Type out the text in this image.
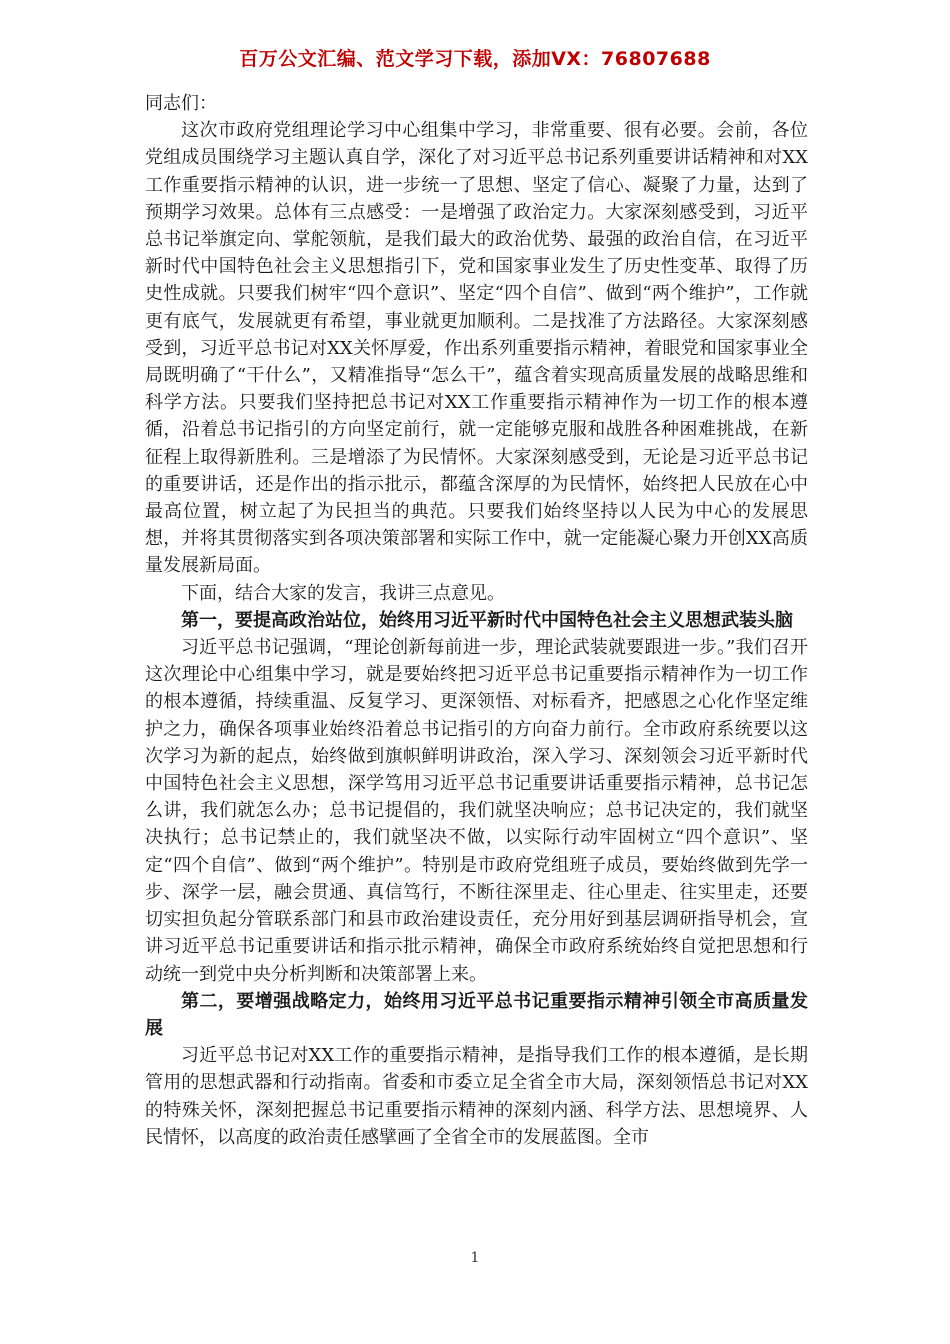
百万公文汇编、范文学习下载，添加VX：76807688

同志们：

这次市政府党组理论学习中心组集中学习，非常重要、很有必要。会前，各位党组成员围绕学习主题认真自学，深化了对习近平总书记系列重要讲话精神和对XX工作重要指示精神的认识，进一步统一了思想、坚定了信心、凝聚了力量，达到了预期学习效果。总体有三点感受：一是增强了政治定力。大家深刻感受到，习近平总书记举旗定向、掌舵领航，是我们最大的政治优势、最强的政治自信，在习近平新时代中国特色社会主义思想指引下，党和国家事业发生了历史性变革、取得了历史性成就。只要我们树牢“四个意识”、坚定“四个自信”、做到“两个维护”，工作就更有底气，发展就更有希望，事业就更加顺利。二是找准了方法路径。大家深刻感受到，习近平总书记对XX关怀厚爱，作出系列重要指示精神，着眼党和国家事业全局既明确了“干什么”，又精准指导“怎么干”，蕴含着实现高质量发展的战略思维和科学方法。只要我们坚持把总书记对XX工作重要指示精神作为一切工作的根本遵循，沿着总书记指引的方向坚定前行，就一定能够克服和战胜各种困难挑战，在新征程上取得新胜利。三是增添了为民情怀。大家深刻感受到，无论是习近平总书记的重要讲话，还是作出的指示批示，都蕴含深厚的为民情怀，始终把人民放在心中最高位置，树立起了为民担当的典范。只要我们始终坚持以人民为中心的发展思想，并将其贯彻落实到各项决策部署和实际工作中，就一定能凝心聚力开创XX高质量发展新局面。

下面，结合大家的发言，我讲三点意见。

第一，要提高政治站位，始终用习近平新时代中国特色社会主义思想武装头脑

习近平总书记强调，“理论创新每前进一步，理论武装就要跟进一步。”我们召开这次理论中心组集中学习，就是要始终把习近平总书记重要指示精神作为一切工作的根本遵循，持续重温、反复学习、更深领悟、对标看齐，把感恩之心化作坚定维护之力，确保各项事业始终沿着总书记指引的方向奋力前行。全市政府系统要以这次学习为新的起点，始终做到旗帜鲜明讲政治，深入学习、深刻领会习近平新时代中国特色社会主义思想，深学笃用习近平总书记重要讲话重要指示精神，总书记怎么讲，我们就怎么办；总书记提倡的，我们就坚决响应；总书记决定的，我们就坚决执行；总书记禁止的，我们就坚决不做，以实际行动牢固树立“四个意识”、坚定“四个自信”、做到“两个维护”。特别是市政府党组班子成员，要始终做到先学一步、深学一层，融会贯通、真信笃行，不断往深里走、往心里走、往实里走，还要切实担负起分管联系部门和县市政治建设责任，充分用好到基层调研指导机会，宣讲习近平总书记重要讲话和指示批示精神，确保全市政府系统始终自觉把思想和行动统一到党中央分析判断和决策部署上来。

第二，要增强战略定力，始终用习近平总书记重要指示精神引领全市高质量发展

习近平总书记对XX工作的重要指示精神，是指导我们工作的根本遵循，是长期管用的思想武器和行动指南。省委和市委立足全省全市大局，深刻领悟总书记对XX的特殊关怀，深刻把握总书记重要指示精神的深刻内涵、科学方法、思想境界、人民情怀，以高度的政治责任感擘画了全省全市的发展蓝图。全市

1
